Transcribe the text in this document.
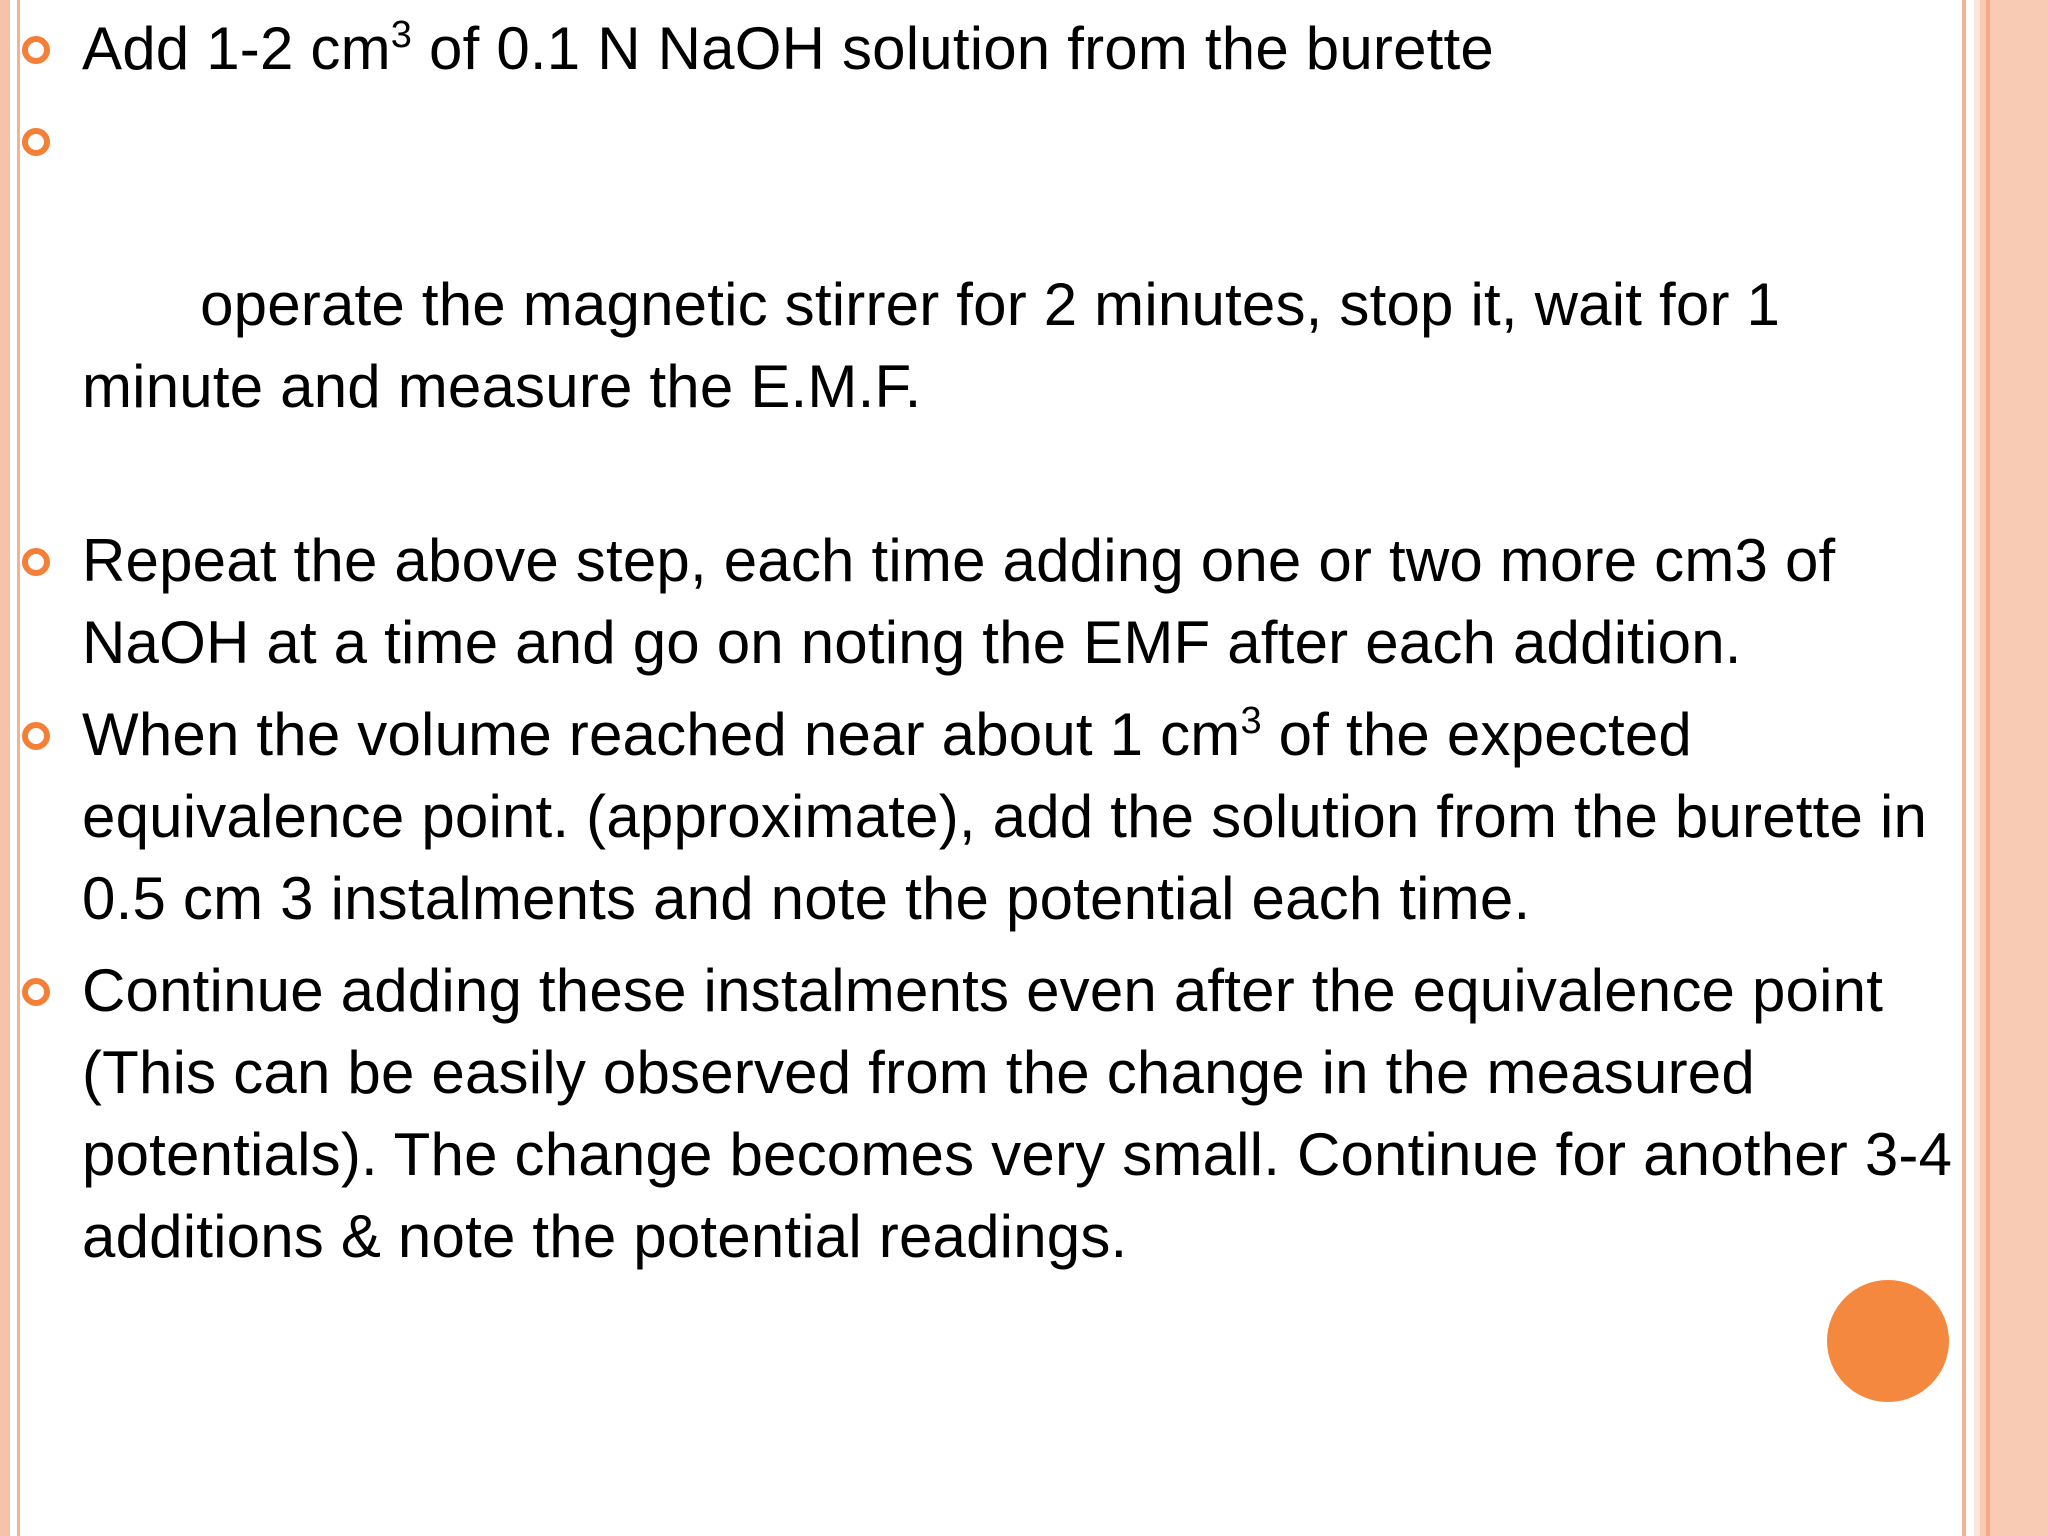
Add 1-2 $cm^3$ of 0.1 N NaOH solution from the burette

operate the magnetic stirrer for 2 minutes, stop it, wait for 1 minute and measure the E.M.F.

Repeat the above step, each time adding one or two more cm3 of NaOH at a time and go on noting the EMF after each addition.
When the volume reached near about 1 $cm^3$ of the expected equivalence point. (approximate), add the solution from the burette in 0.5 cm 3 instalments and note the potential each time.
Continue adding these instalments even after the equivalence point (This can be easily observed from the change in the measured potentials). The change becomes very small. Continue for another 3-4 additions & note the potential readings.
